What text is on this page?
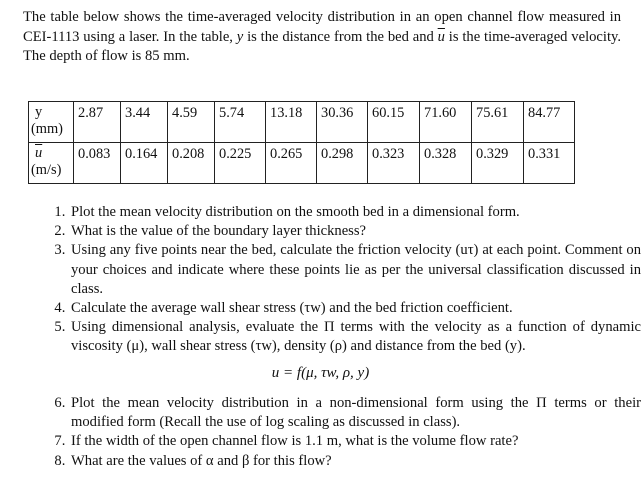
The table below shows the time-averaged velocity distribution in an open channel flow measured in CEI-1113 using a laser. In the table, y is the distance from the bed and $\overline{u}$ is the time-averaged velocity. The depth of flow is 85 mm.

y
(mm)	2.87	3.44	4.59	5.74	13.18	30.36	60.15	71.60	75.61	84.77

$\overline{u}$
(m/s)	0.083	0.164	0.208	0.225	0.265	0.298	0.323	0.328	0.329	0.331
1. Plot the mean velocity distribution on the smooth bed in a dimensional form.
2. What is the value of the boundary layer thickness?
3. Using any five points near the bed, calculate the friction velocity (uτ) at each point. Comment on your choices and indicate where these points lie as per the universal classification discussed in class.
4. Calculate the average wall shear stress (τw) and the bed friction coefficient.
5. Using dimensional analysis, evaluate the Π terms with the velocity as a function of dynamic viscosity (μ), wall shear stress (τw), density (ρ) and distance from the bed (y).
u = f(μ, τw, ρ, y)
6. Plot the mean velocity distribution in a non-dimensional form using the Π terms or their modified form (Recall the use of log scaling as discussed in class).
7. If the width of the open channel flow is 1.1 m, what is the volume flow rate?
8. What are the values of α and β for this flow?
